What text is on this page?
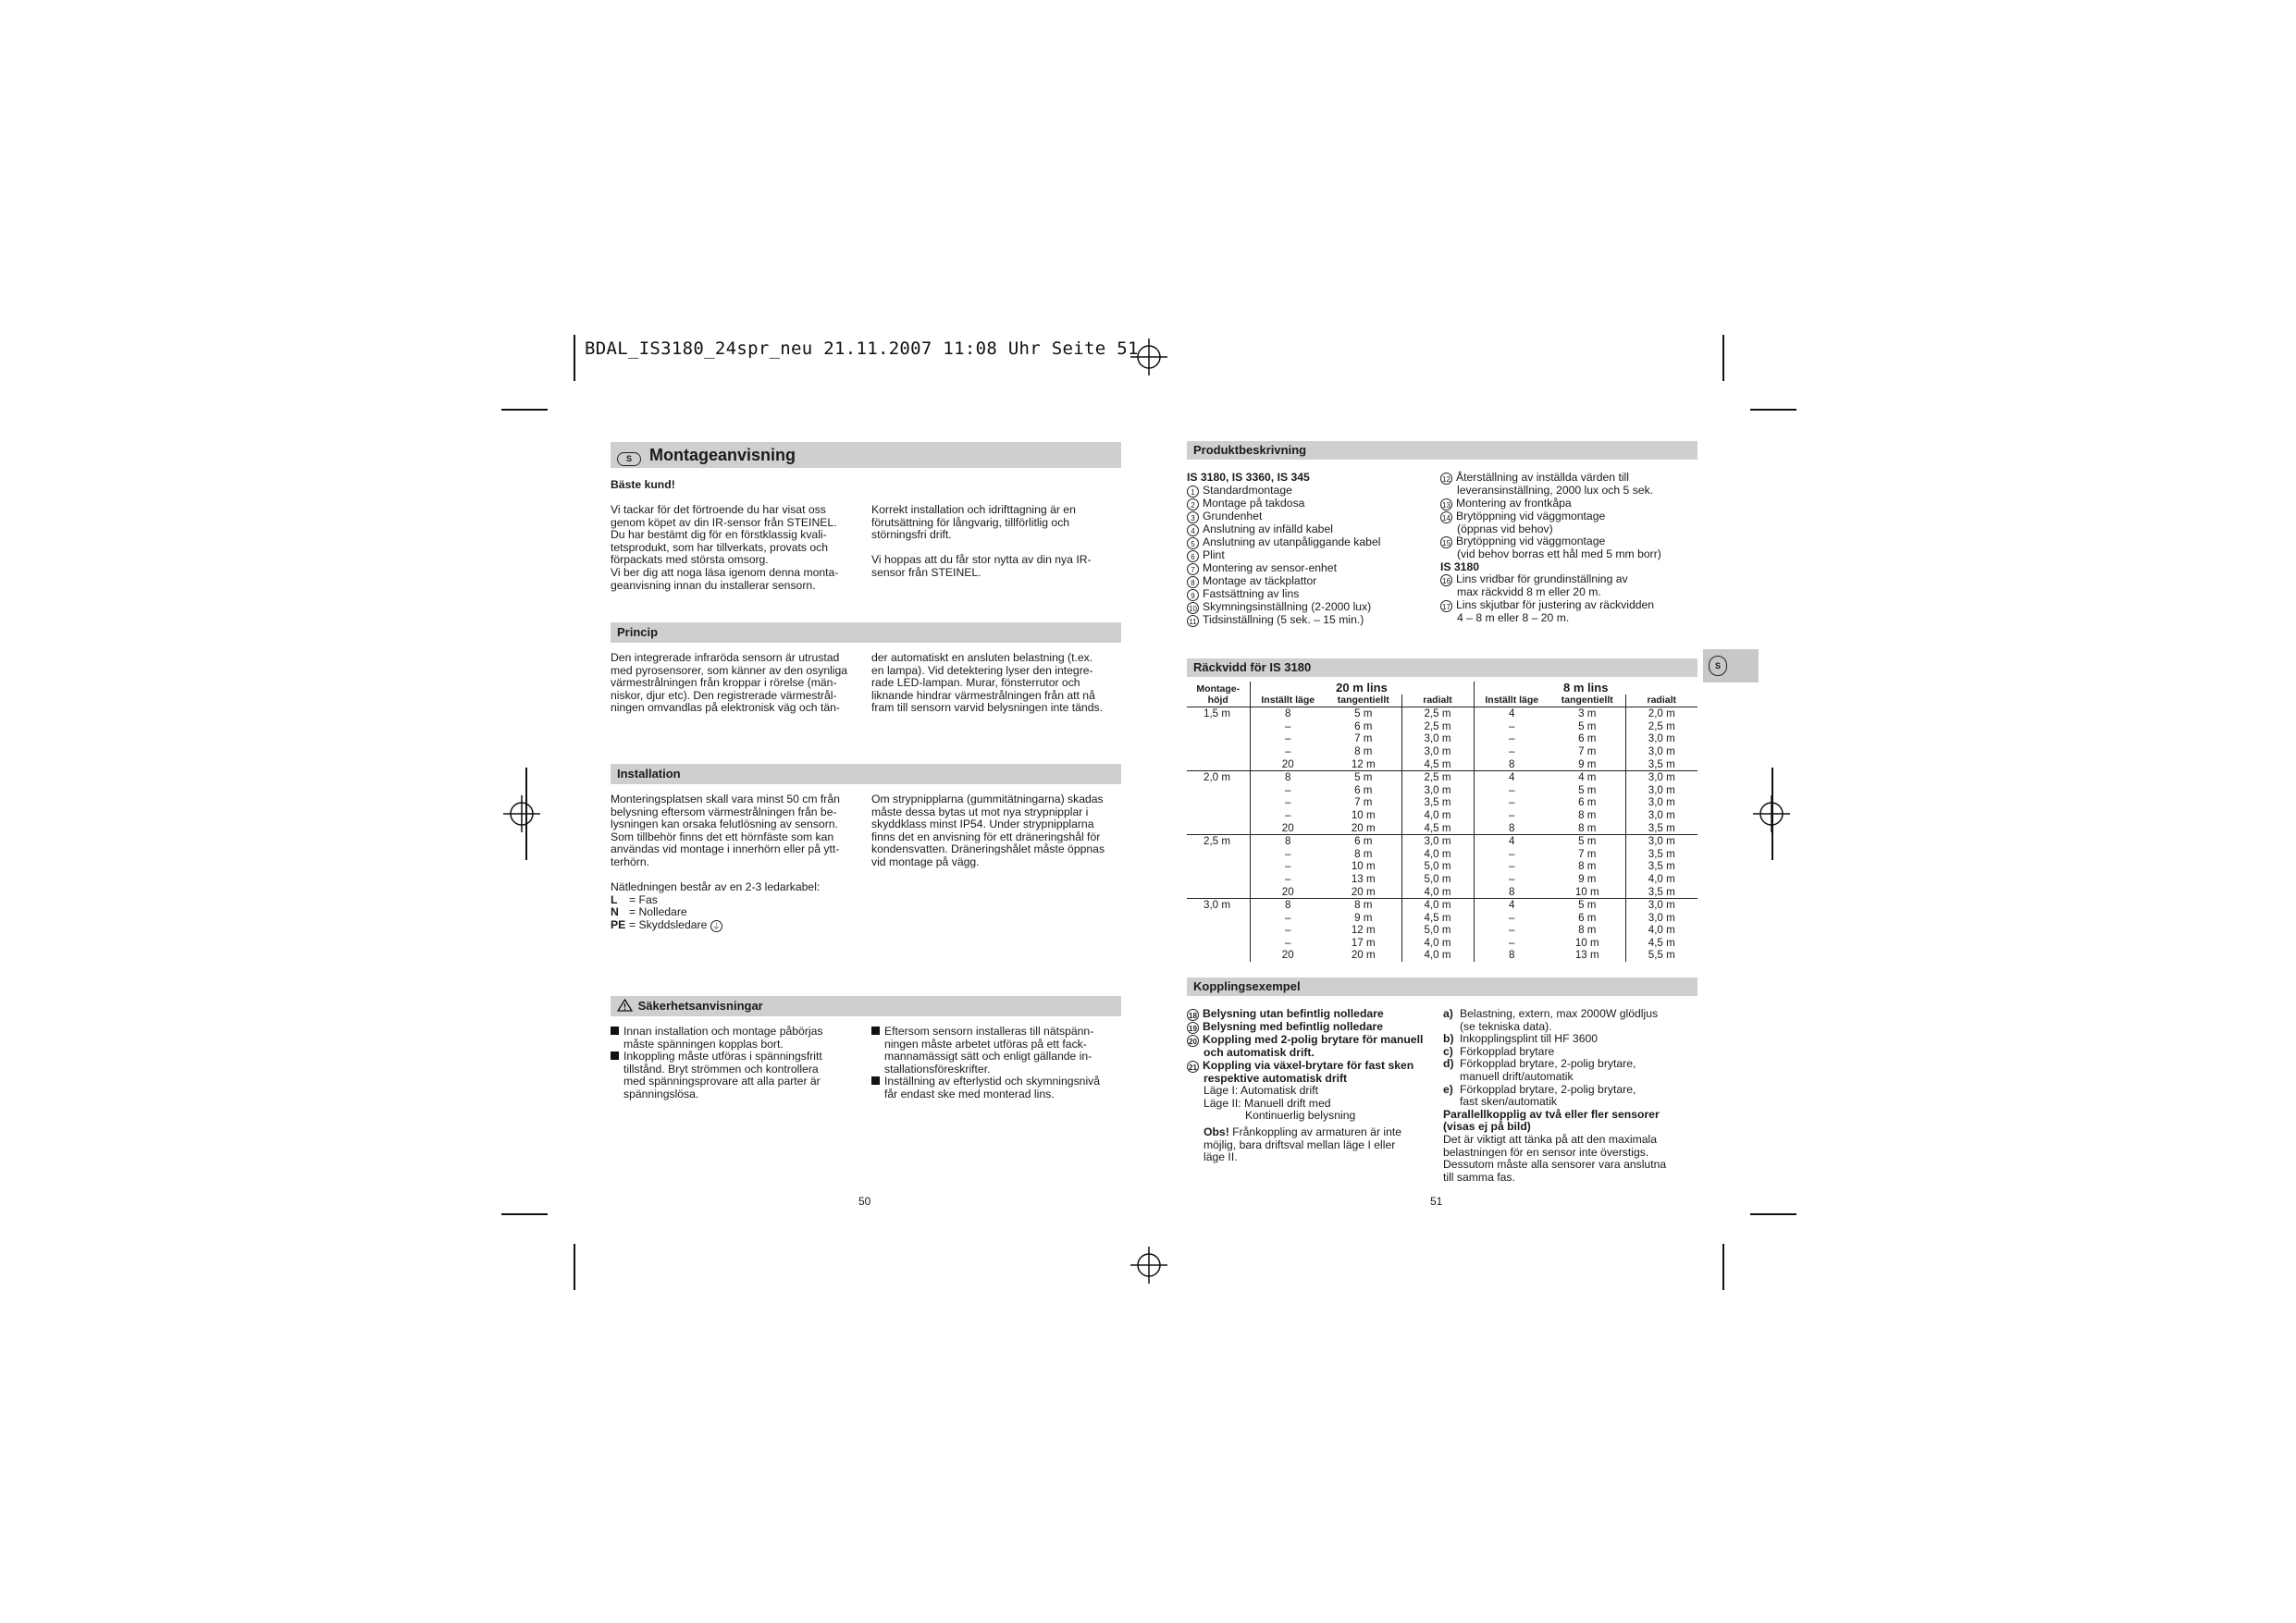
BDAL_IS3180_24spr_neu 21.11.2007 11:08 Uhr Seite 51
S Montageanvisning
Bäste kund!
Vi tackar för det förtroende du har visat oss
genom köpet av din IR-sensor från STEINEL.
Du har bestämt dig för en förstklassig kvali-
tetsprodukt, som har tillverkats, provats och
förpackats med största omsorg.
Vi ber dig att noga läsa igenom denna monta-
geanvisning innan du installerar sensorn.
Korrekt installation och idrifttagning är en
förutsättning för långvarig, tillförlitlig och
störningsfri drift.
Vi hoppas att du får stor nytta av din nya IR-
sensor från STEINEL.
Princip
Den integrerade infraröda sensorn är utrustad
med pyrosensorer, som känner av den osynliga
värmestrålningen från kroppar i rörelse (män-
niskor, djur etc). Den registrerade värmestrål-
ningen omvandlas på elektronisk väg och tän-
der automatiskt en ansluten belastning (t.ex.
en lampa). Vid detektering lyser den integre-
rade LED-lampan. Murar, fönsterrutor och
liknande hindrar värmestrålningen från att nå
fram till sensorn varvid belysningen inte tänds.
Installation
Monteringsplatsen skall vara minst 50 cm från
belysning eftersom värmestrålningen från be-
lysningen kan orsaka felutlösning av sensorn.
Som tillbehör finns det ett hörnfäste som kan
användas vid montage i innerhörn eller på ytt-
terhörn.
Nätledningen består av en 2-3 ledarkabel:
L = Fas
N = Nolledare
PE = Skyddsledare ⏚
Om strypnipplarna (gummitätningarna) skadas
måste dessa bytas ut mot nya strypnipplar i
skyddklass minst IP54. Under strypnipplarna
finns det en anvisning för ett dräneringshål för
kondensvatten. Dräneringshålet måste öppnas
vid montage på vägg.
Säkerhetsanvisningar
Innan installation och montage påbörjas
måste spänningen kopplas bort.
Inkoppling måste utföras i spänningsfritt
tillstånd. Bryt strömmen och kontrollera
med spänningsprovare att alla parter är
spänningslösa.
Eftersom sensorn installeras till nätspänn-
ningen måste arbetet utföras på ett fack-
mannamässigt sätt och enligt gällande in-
stallationsföreskrifter.
Inställning av efterlystid och skymningsnivå
får endast ske med monterad lins.
50
Produktbeskrivning
IS 3180, IS 3360, IS 345
1 Standardmontage
2 Montage på takdosa
3 Grundenhet
4 Anslutning av infälld kabel
5 Anslutning av utanpåliggande kabel
6 Plint
7 Montering av sensor-enhet
8 Montage av täckplattor
9 Fastsättning av lins
10 Skymningsinställning (2-2000 lux)
11 Tidsinställning (5 sek. – 15 min.)
12 Återställning av inställda värden till
leveransinställning, 2000 lux och 5 sek.
13 Montering av frontkåpa
14 Brytöppning vid väggmontage
(öppnas vid behov)
15 Brytöppning vid väggmontage
(vid behov borras ett hål med 5 mm borr)
IS 3180
16 Lins vridbar för grundinställning av
max räckvidd 8 m eller 20 m.
17 Lins skjutbar för justering av räckvidden
4 – 8 m eller 8 – 20 m.
Räckvidd för IS 3180
Montage-
höjd	20 m lins			8 m lins		
	Inställt läge	tangentiellt	radialt	Inställt läge	tangentiellt	radialt
1,5 m	8	5 m	2,5 m	4	3 m	2,0 m
	–	6 m	2,5 m	–	5 m	2,5 m
	–	7 m	3,0 m	–	6 m	3,0 m
	–	8 m	3,0 m	–	7 m	3,0 m
	20	12 m	4,5 m	8	9 m	3,5 m
2,0 m	8	5 m	2,5 m	4	4 m	3,0 m
	–	6 m	3,0 m	–	5 m	3,0 m
	–	7 m	3,5 m	–	6 m	3,0 m
	–	10 m	4,0 m	–	8 m	3,0 m
	20	20 m	4,5 m	8	8 m	3,5 m
2,5 m	8	6 m	3,0 m	4	5 m	3,0 m
	–	8 m	4,0 m	–	7 m	3,5 m
	–	10 m	5,0 m	–	8 m	3,5 m
	–	13 m	5,0 m	–	9 m	4,0 m
	20	20 m	4,0 m	8	10 m	3,5 m
3,0 m	8	8 m	4,0 m	4	5 m	3,0 m
	–	9 m	4,5 m	–	6 m	3,0 m
	–	12 m	5,0 m	–	8 m	4,0 m
	–	17 m	4,0 m	–	10 m	4,5 m
	20	20 m	4,0 m	8	13 m	5,5 m
Kopplingsexempel
18 Belysning utan befintlig nolledare
19 Belysning med befintlig nolledare
20 Koppling med 2-polig brytare för manuell
och automatisk drift.
21 Koppling via växel-brytare för fast sken
respektive automatisk drift
Läge I: Automatisk drift
Läge II: Manuell drift med
Kontinuerlig belysning
Obs! Frånkoppling av armaturen är inte
möjlig, bara driftsval mellan läge I eller
läge II.
a) Belastning, extern, max 2000W glödljus
(se tekniska data).
b) Inkopplingsplint till HF 3600
c) Förkopplad brytare
d) Förkopplad brytare, 2-polig brytare,
manuell drift/automatik
e) Förkopplad brytare, 2-polig brytare,
fast sken/automatik
Parallellkopplig av två eller fler sensorer
(visas ej på bild)
Det är viktigt att tänka på att den maximala
belastningen för en sensor inte överstigs.
Dessutom måste alla sensorer vara anslutna
till samma fas.
51
S
